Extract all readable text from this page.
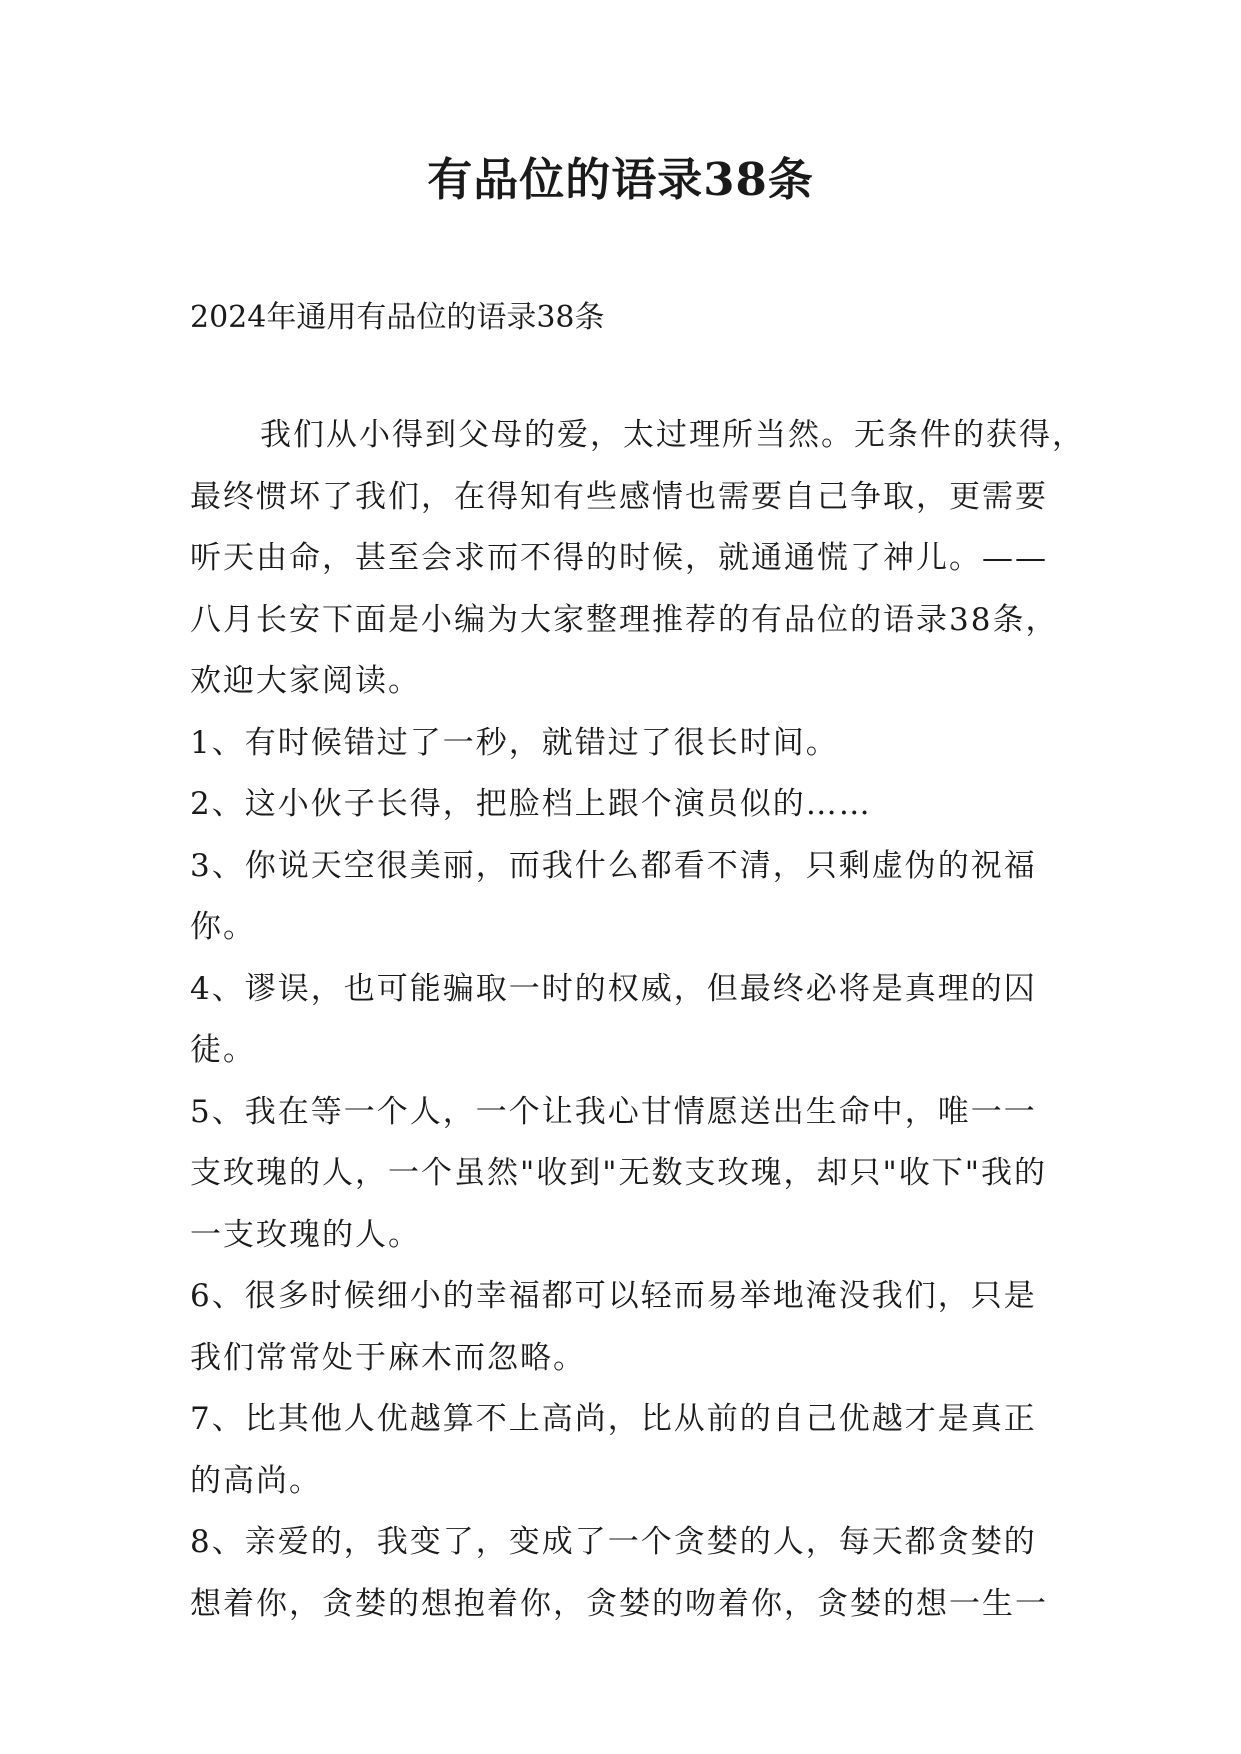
有品位的语录38条
2024年通用有品位的语录38条
我们从小得到父母的爱，太过理所当然。无条件的获得，
最终惯坏了我们，在得知有些感情也需要自己争取，更需要
听天由命，甚至会求而不得的时候，就通通慌了神儿。——
八月长安下面是小编为大家整理推荐的有品位的语录38条，
欢迎大家阅读。
1、有时候错过了一秒，就错过了很长时间。
2、这小伙子长得，把脸档上跟个演员似的……
3、你说天空很美丽，而我什么都看不清，只剩虚伪的祝福
你。
4、谬误，也可能骗取一时的权威，但最终必将是真理的囚
徒。
5、我在等一个人，一个让我心甘情愿送出生命中，唯一一
支玫瑰的人，一个虽然"收到"无数支玫瑰，却只"收下"我的
一支玫瑰的人。
6、很多时候细小的幸福都可以轻而易举地淹没我们，只是
我们常常处于麻木而忽略。
7、比其他人优越算不上高尚，比从前的自己优越才是真正
的高尚。
8、亲爱的，我变了，变成了一个贪婪的人，每天都贪婪的
想着你，贪婪的想抱着你，贪婪的吻着你，贪婪的想一生一
